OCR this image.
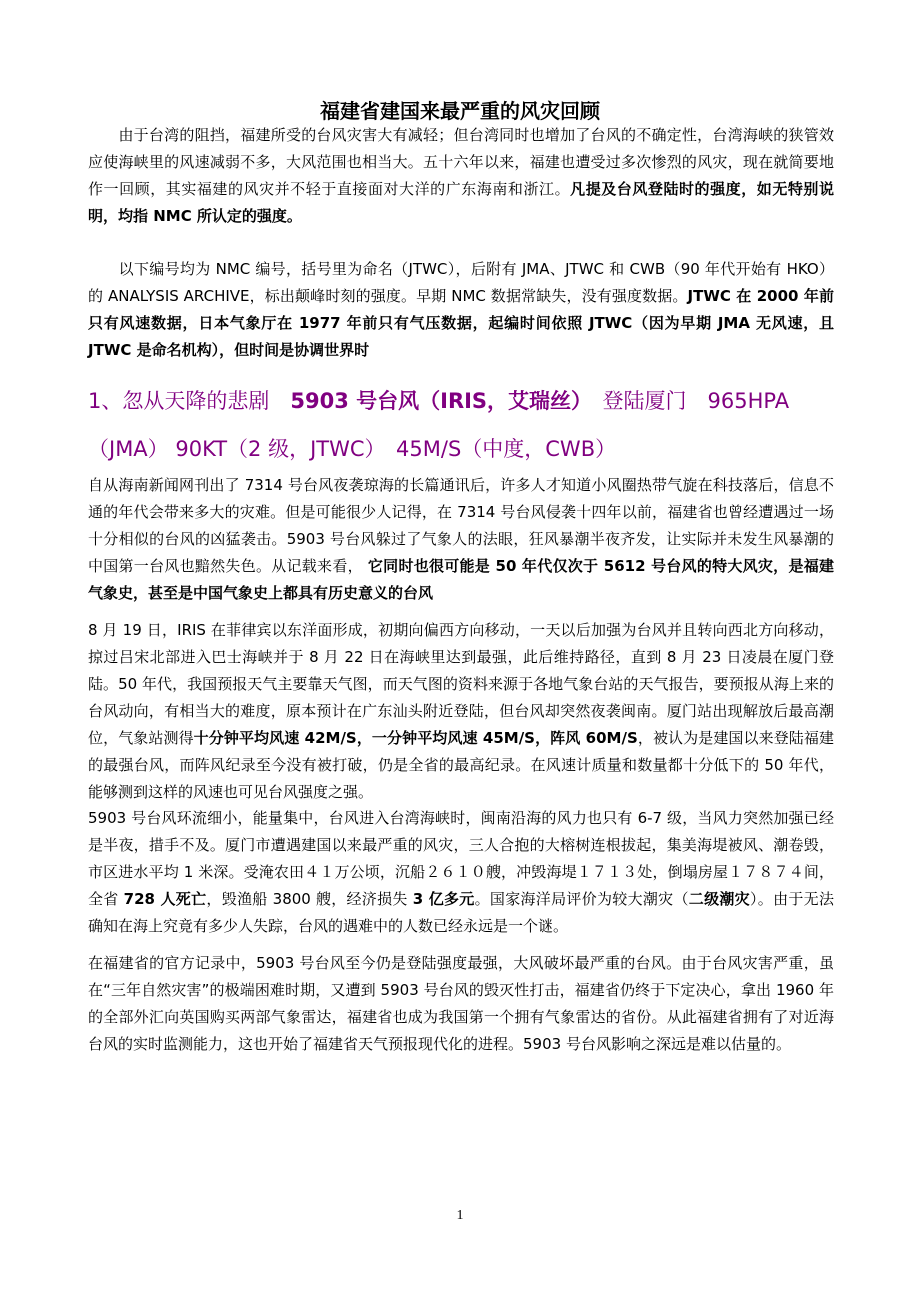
福建省建国来最严重的风灾回顾
　　由于台湾的阻挡，福建所受的台风灾害大有减轻；但台湾同时也增加了台风的不确定性，台湾海峡的狭管效应使海峡里的风速减弱不多，大风范围也相当大。五十六年以来，福建也遭受过多次惨烈的风灾，现在就简要地作一回顾，其实福建的风灾并不轻于直接面对大洋的广东海南和浙江。凡提及台风登陆时的强度，如无特别说明，均指 NMC 所认定的强度。
　　以下编号均为 NMC 编号，括号里为命名（JTWC），后附有 JMA、JTWC 和 CWB（90 年代开始有 HKO）的 ANALYSIS ARCHIVE，标出颠峰时刻的强度。早期 NMC 数据常缺失，没有强度数据。JTWC 在 2000 年前只有风速数据，日本气象厅在 1977 年前只有气压数据，起编时间依照 JTWC（因为早期 JMA 无风速，且 JTWC 是命名机构），但时间是协调世界时
1、忽从天降的悲剧　5903 号台风（IRIS，艾瑞丝）　登陆厦门　965HPA（JMA） 90KT（2 级，JTWC）　45M/S（中度，CWB）
自从海南新闻网刊出了 7314 号台风夜袭琼海的长篇通讯后，许多人才知道小风圈热带气旋在科技落后，信息不通的年代会带来多大的灾难。但是可能很少人记得，在 7314 号台风侵袭十四年以前，福建省也曾经遭遇过一场十分相似的台风的凶猛袭击。5903 号台风躲过了气象人的法眼，狂风暴潮半夜齐发，让实际并未发生风暴潮的中国第一台风也黯然失色。从记载来看， 它同时也很可能是 50 年代仅次于 5612 号台风的特大风灾，是福建气象史，甚至是中国气象史上都具有历史意义的台风
8 月 19 日，IRIS 在菲律宾以东洋面形成，初期向偏西方向移动，一天以后加强为台风并且转向西北方向移动，掠过吕宋北部进入巴士海峡并于 8 月 22 日在海峡里达到最强，此后维持路径，直到 8 月 23 日凌晨在厦门登陆。50 年代，我国预报天气主要靠天气图，而天气图的资料来源于各地气象台站的天气报告，要预报从海上来的台风动向，有相当大的难度，原本预计在广东汕头附近登陆，但台风却突然夜袭闽南。厦门站出现解放后最高潮位，气象站测得十分钟平均风速 42M/S，一分钟平均风速 45M/S，阵风 60M/S，被认为是建国以来登陆福建的最强台风，而阵风纪录至今没有被打破，仍是全省的最高纪录。在风速计质量和数量都十分低下的 50 年代，能够测到这样的风速也可见台风强度之强。
5903 号台风环流细小，能量集中，台风进入台湾海峡时，闽南沿海的风力也只有 6-7 级，当风力突然加强已经是半夜，措手不及。厦门市遭遇建国以来最严重的风灾，三人合抱的大榕树连根拔起，集美海堤被风、潮卷毁，市区进水平均 1 米深。受淹农田４１万公顷，沉船２６１０艘，冲毁海堤１７１３处，倒塌房屋１７８７４间，全省 728 人死亡，毁渔船 3800 艘，经济损失 3 亿多元。国家海洋局评价为较大潮灾（二级潮灾）。由于无法确知在海上究竟有多少人失踪，台风的遇难中的人数已经永远是一个谜。
在福建省的官方记录中，5903 号台风至今仍是登陆强度最强，大风破坏最严重的台风。由于台风灾害严重，虽在“三年自然灾害”的极端困难时期，又遭到 5903 号台风的毁灭性打击，福建省仍终于下定决心，拿出 1960 年的全部外汇向英国购买两部气象雷达，福建省也成为我国第一个拥有气象雷达的省份。从此福建省拥有了对近海台风的实时监测能力，这也开始了福建省天气预报现代化的进程。5903 号台风影响之深远是难以估量的。
1
